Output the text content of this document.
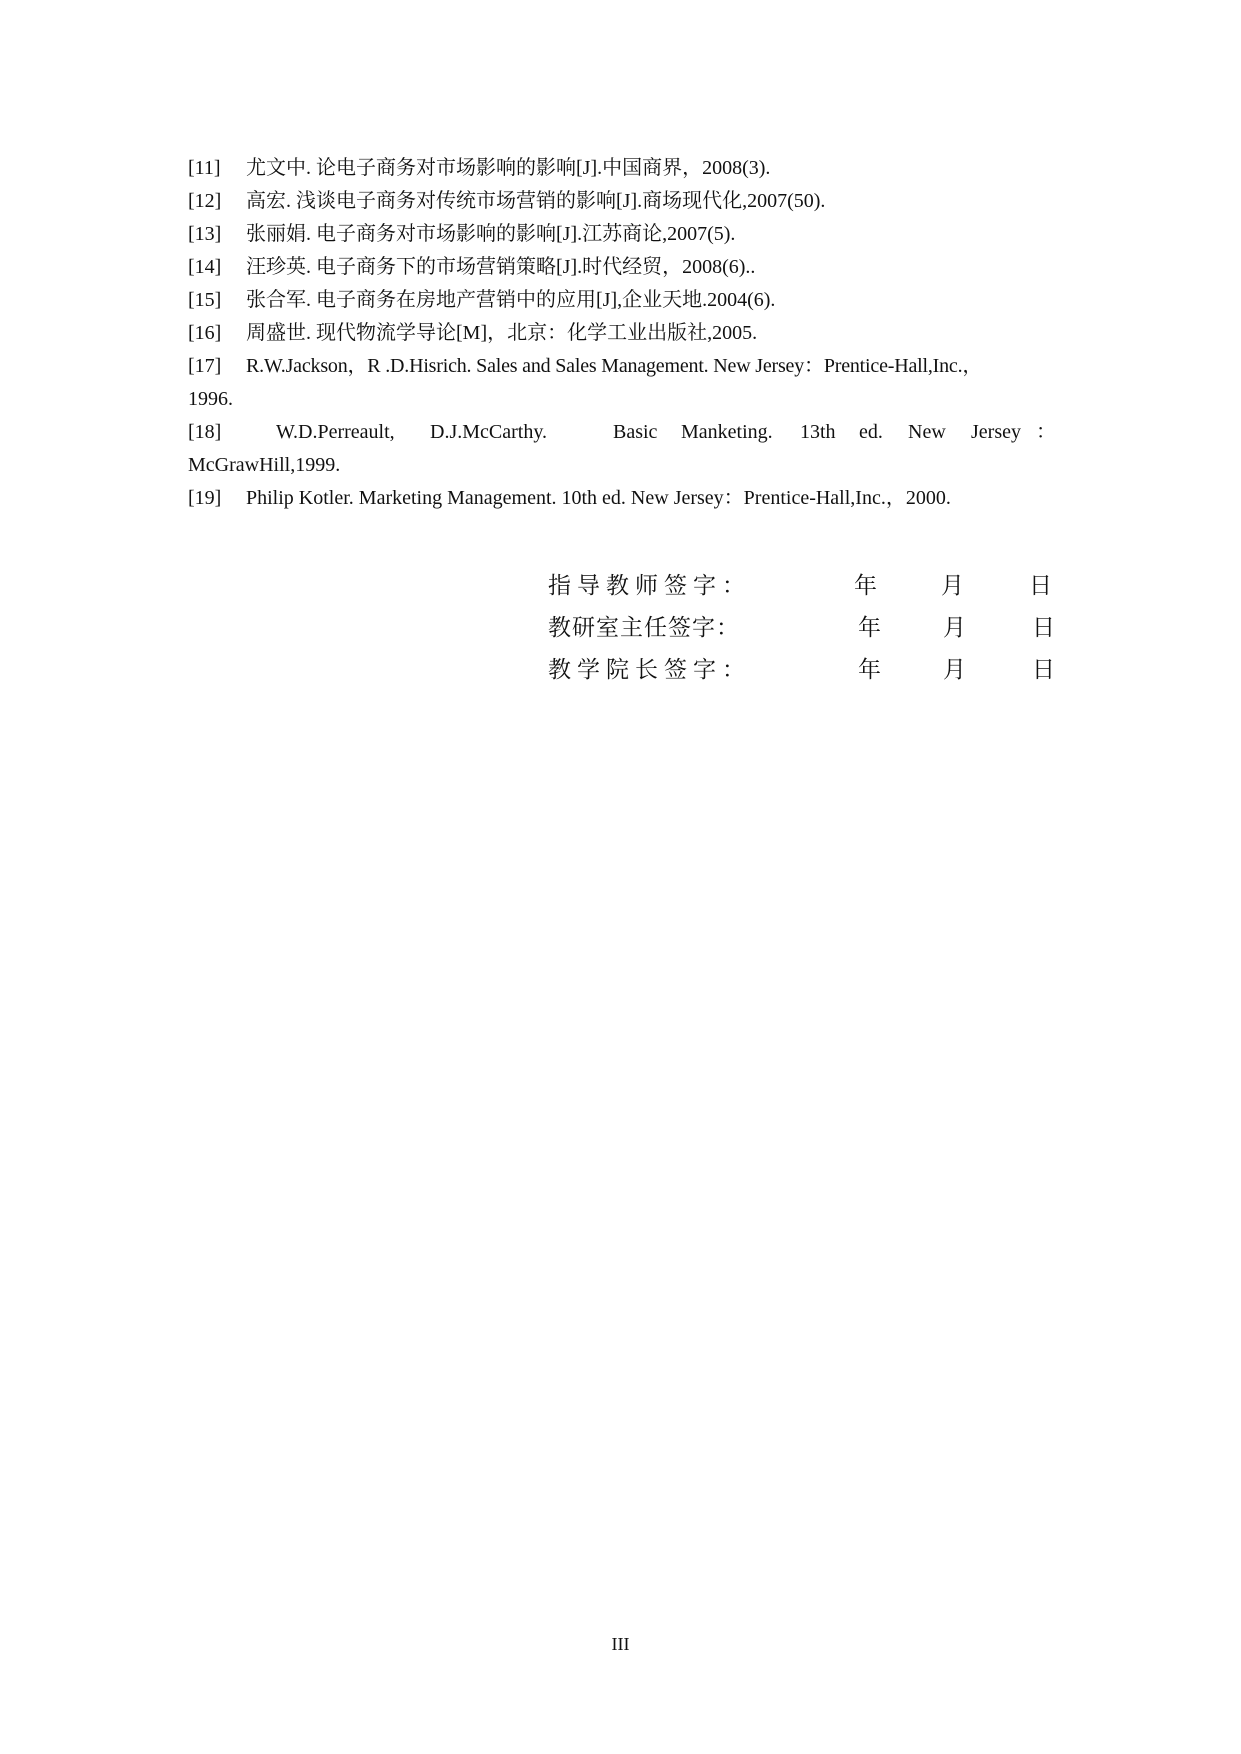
[11] 尤文中. 论电子商务对市场影响的影响[J].中国商界，2008(3).
[12] 高宏. 浅谈电子商务对传统市场营销的影响[J].商场现代化,2007(50).
[13] 张丽娟. 电子商务对市场影响的影响[J].江苏商论,2007(5).
[14] 汪珍英. 电子商务下的市场营销策略[J].时代经贸，2008(6)..
[15] 张合军. 电子商务在房地产营销中的应用[J],企业天地.2004(6).
[16] 周盛世. 现代物流学导论[M]，北京：化学工业出版社,2005.
[17] R.W.Jackson，R .D.Hisrich. Sales and Sales Management. New Jersey：Prentice-Hall,Inc.，
1996.
[18]	W.D.Perreault, D.J.McCarthy.	Basic Manketing. 13th ed. New Jersey ：
McGrawHill,1999.
[19] Philip Kotler. Marketing Management. 10th ed. New Jersey：Prentice-Hall,Inc.，2000.
指导教师签字：	年	月	日
教研室主任签字：	年	月	日
教学院长签字：	年	月	日
III
